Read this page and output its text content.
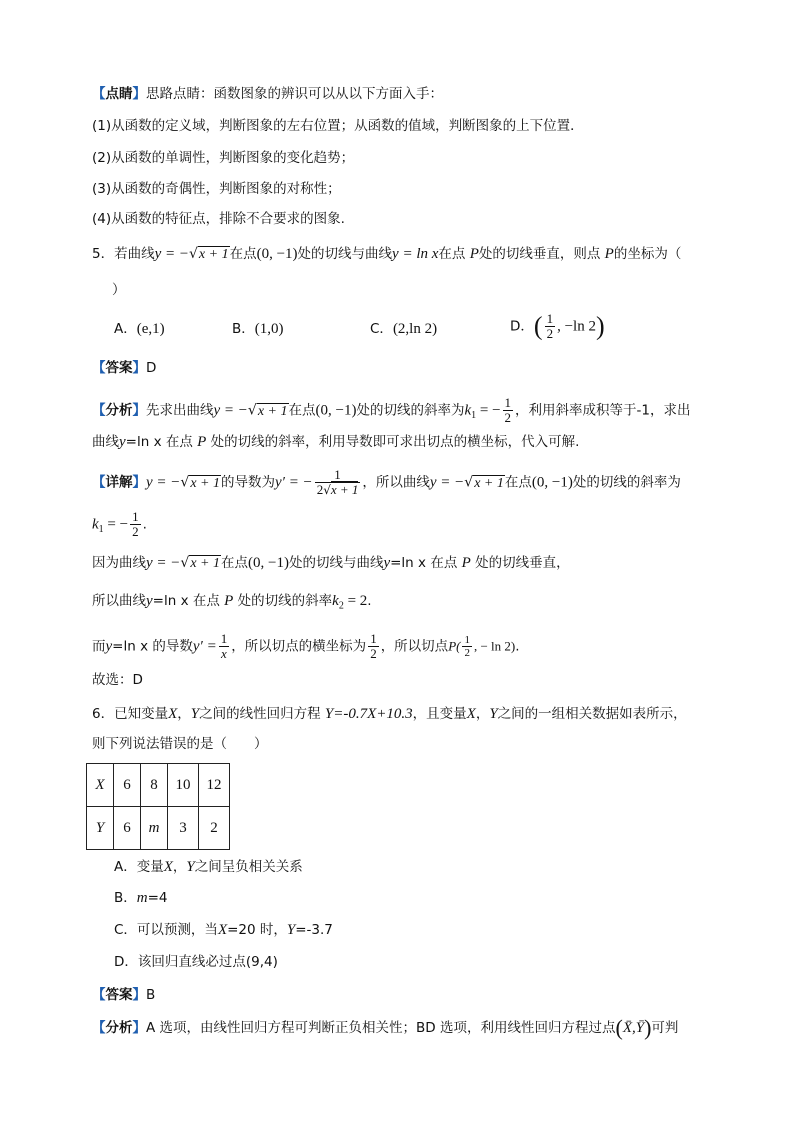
【点睛】思路点睛：函数图象的辨识可以从以下方面入手：
(1)从函数的定义域，判断图象的左右位置；从函数的值域，判断图象的上下位置．
(2)从函数的单调性，判断图象的变化趋势；
(3)从函数的奇偶性，判断图象的对称性；
(4)从函数的特征点，排除不合要求的图象.
5．若曲线y = −√x + 1在点(0, −1)处的切线与曲线y = ln x在点 P处的切线垂直，则点 P的坐标为（
）
A．(e,1)	B．(1,0)	C．(2,ln 2)	D．( $\frac{1}{2}$ , −ln 2)
【答案】D
【分析】先求出曲线y = −√x + 1在点(0, −1)处的切线的斜率为$k_1$ = − $\frac{1}{2}$ ，利用斜率成积等于-1，求出
曲线y=ln x 在点 P 处的切线的斜率，利用导数即可求出切点的横坐标，代入可解.
【详解】y = −√x + 1的导数为y′ = − $\frac{1}{2√x + 1}$ ，所以曲线y = −√x + 1在点(0, −1)处的切线的斜率为
$k_1$ = − $\frac{1}{2}$ .
因为曲线y = −√x + 1在点(0, −1)处的切线与曲线y=ln x 在点 P 处的切线垂直，
所以曲线y=ln x 在点 P 处的切线的斜率$k_2 = 2$.
而y=ln x 的导数$y' = \frac{1}{x}$ ，所以切点的横坐标为 $\frac{1}{2}$ ，所以切点$P( \frac{1}{2}$ , − ln 2).
故选：D
6．已知变量X，Y之间的线性回归方程 Y=-0.7X+10.3，且变量X，Y之间的一组相关数据如表所示，
则下列说法错误的是（　　）
X	6	8	10	12
Y	6	m	3	2
A．变量X，Y之间呈负相关关系
B．m=4
C．可以预测，当X=20 时，Y=-3.7
D．该回归直线必过点(9,4)
【答案】B
【分析】A 选项，由线性回归方程可判断正负相关性；BD 选项，利用线性回归方程过点(X̄,Ȳ)可判
